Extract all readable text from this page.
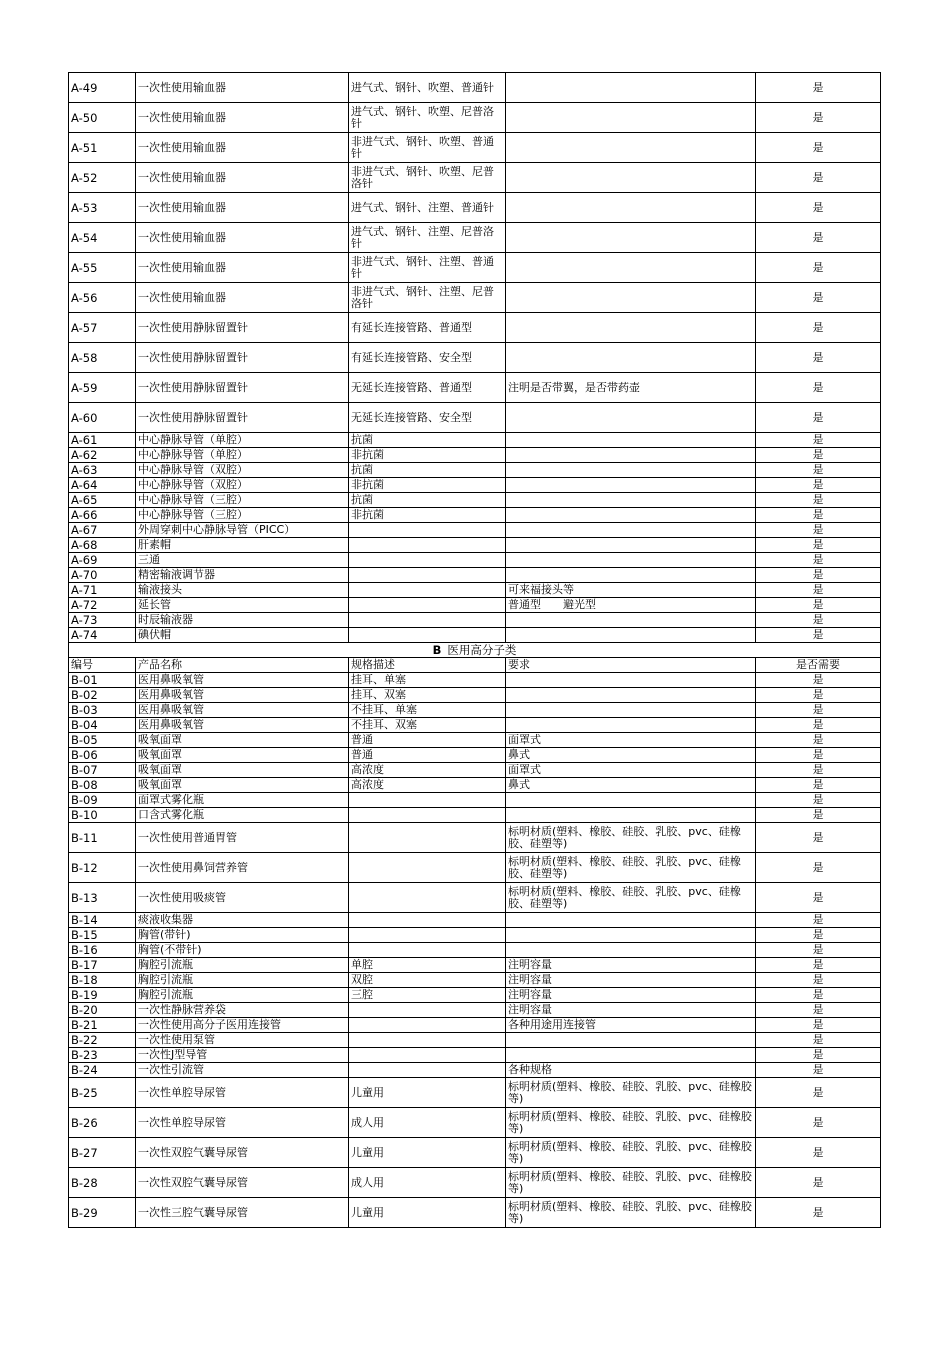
A-49	一次性使用输血器	进气式、钢针、吹塑、普通针		是
A-50	一次性使用输血器	进气式、钢针、吹塑、尼普洛针		是
A-51	一次性使用输血器	非进气式、钢针、吹塑、普通针		是
A-52	一次性使用输血器	非进气式、钢针、吹塑、尼普洛针		是
A-53	一次性使用输血器	进气式、钢针、注塑、普通针		是
A-54	一次性使用输血器	进气式、钢针、注塑、尼普洛针		是
A-55	一次性使用输血器	非进气式、钢针、注塑、普通针		是
A-56	一次性使用输血器	非进气式、钢针、注塑、尼普洛针		是
A-57	一次性使用静脉留置针	有延长连接管路、普通型		是
A-58	一次性使用静脉留置针	有延长连接管路、安全型		是
A-59	一次性使用静脉留置针	无延长连接管路、普通型	注明是否带翼，是否带药壶	是
A-60	一次性使用静脉留置针	无延长连接管路、安全型		是
A-61	中心静脉导管（单腔）	抗菌		是
A-62	中心静脉导管（单腔）	非抗菌		是
A-63	中心静脉导管（双腔）	抗菌		是
A-64	中心静脉导管（双腔）	非抗菌		是
A-65	中心静脉导管（三腔）	抗菌		是
A-66	中心静脉导管（三腔）	非抗菌		是
A-67	外周穿刺中心静脉导管（PICC）			是
A-68	肝素帽			是
A-69	三通			是
A-70	精密输液调节器			是
A-71	输液接头		可来福接头等	是
A-72	延长管		普通型　　避光型	是
A-73	时辰输液器			是
A-74	碘伏帽			是
B 医用高分子类				
编号	产品名称	规格描述	要求	是否需要
B-01	医用鼻吸氧管	挂耳、单塞		是
B-02	医用鼻吸氧管	挂耳、双塞		是
B-03	医用鼻吸氧管	不挂耳、单塞		是
B-04	医用鼻吸氧管	不挂耳、双塞		是
B-05	吸氧面罩	普通	面罩式	是
B-06	吸氧面罩	普通	鼻式	是
B-07	吸氧面罩	高浓度	面罩式	是
B-08	吸氧面罩	高浓度	鼻式	是
B-09	面罩式雾化瓶			是
B-10	口含式雾化瓶			是
B-11	一次性使用普通胃管		标明材质(塑料、橡胶、硅胶、乳胶、pvc、硅橡胶、硅塑等)	是
B-12	一次性使用鼻饲营养管		标明材质(塑料、橡胶、硅胶、乳胶、pvc、硅橡胶、硅塑等)	是
B-13	一次性使用吸痰管		标明材质(塑料、橡胶、硅胶、乳胶、pvc、硅橡胶、硅塑等)	是
B-14	痰液收集器			是
B-15	胸管(带针)			是
B-16	胸管(不带针)			是
B-17	胸腔引流瓶	单腔	注明容量	是
B-18	胸腔引流瓶	双腔	注明容量	是
B-19	胸腔引流瓶	三腔	注明容量	是
B-20	一次性静脉营养袋		注明容量	是
B-21	一次性使用高分子医用连接管		各种用途用连接管	是
B-22	一次性使用泵管			是
B-23	一次性J型导管			是
B-24	一次性引流管		各种规格	是
B-25	一次性单腔导尿管	儿童用	标明材质(塑料、橡胶、硅胶、乳胶、pvc、硅橡胶等)	是
B-26	一次性单腔导尿管	成人用	标明材质(塑料、橡胶、硅胶、乳胶、pvc、硅橡胶等)	是
B-27	一次性双腔气囊导尿管	儿童用	标明材质(塑料、橡胶、硅胶、乳胶、pvc、硅橡胶等)	是
B-28	一次性双腔气囊导尿管	成人用	标明材质(塑料、橡胶、硅胶、乳胶、pvc、硅橡胶等)	是
B-29	一次性三腔气囊导尿管	儿童用	标明材质(塑料、橡胶、硅胶、乳胶、pvc、硅橡胶等)	是
